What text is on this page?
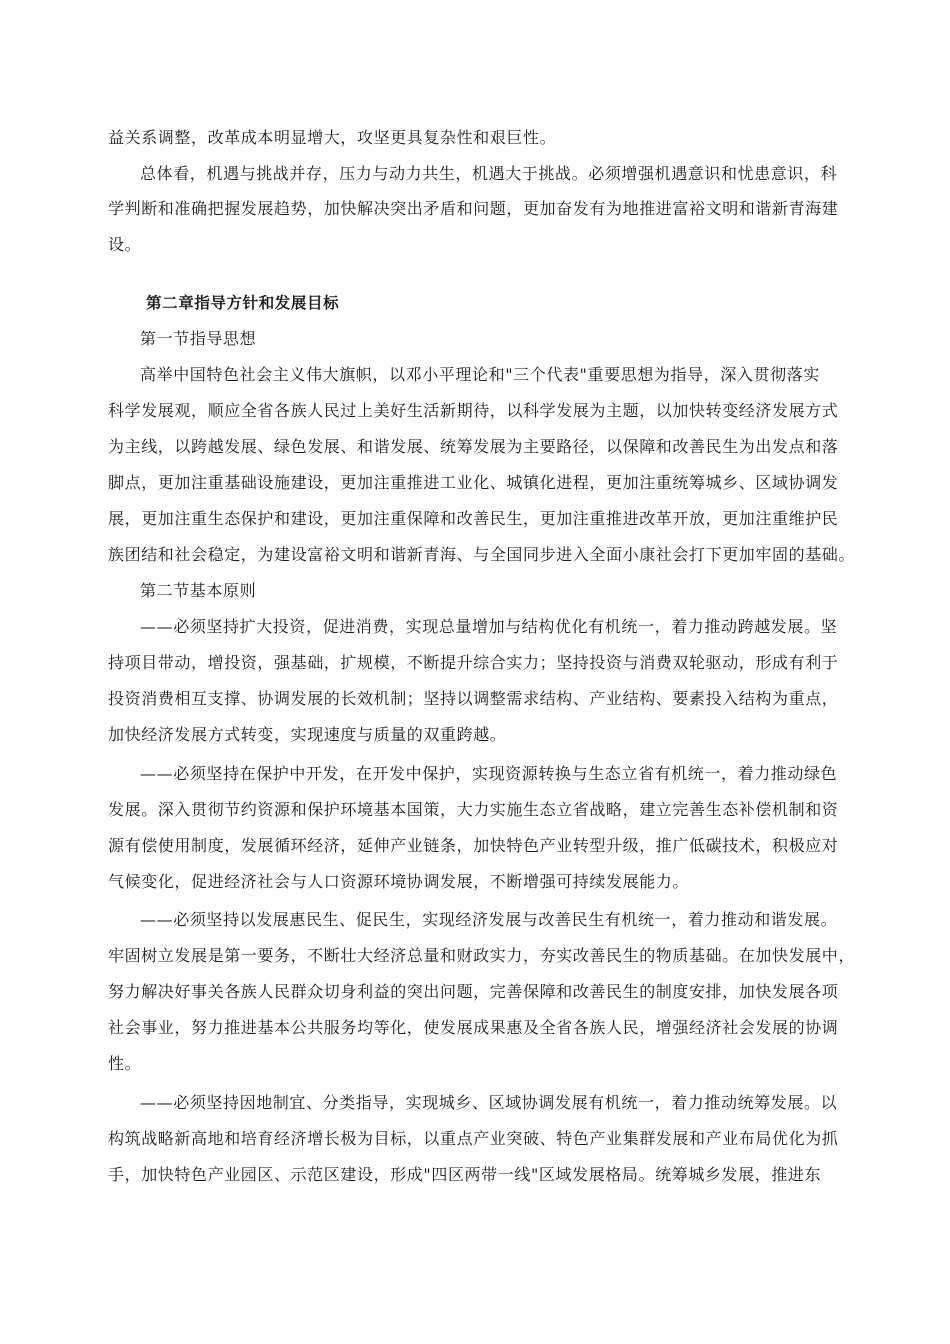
益关系调整，改革成本明显增大，攻坚更具复杂性和艰巨性。
总体看，机遇与挑战并存，压力与动力共生，机遇大于挑战。必须增强机遇意识和忧患意识，科
学判断和准确把握发展趋势，加快解决突出矛盾和问题，更加奋发有为地推进富裕文明和谐新青海建
设。
第二章指导方针和发展目标
第一节指导思想
高举中国特色社会主义伟大旗帜，以邓小平理论和"三个代表"重要思想为指导，深入贯彻落实
科学发展观，顺应全省各族人民过上美好生活新期待，以科学发展为主题，以加快转变经济发展方式
为主线，以跨越发展、绿色发展、和谐发展、统筹发展为主要路径，以保障和改善民生为出发点和落
脚点，更加注重基础设施建设，更加注重推进工业化、城镇化进程，更加注重统筹城乡、区域协调发
展，更加注重生态保护和建设，更加注重保障和改善民生，更加注重推进改革开放，更加注重维护民
族团结和社会稳定，为建设富裕文明和谐新青海、与全国同步进入全面小康社会打下更加牢固的基础。
第二节基本原则
——必须坚持扩大投资，促进消费，实现总量增加与结构优化有机统一，着力推动跨越发展。坚
持项目带动，增投资，强基础，扩规模，不断提升综合实力；坚持投资与消费双轮驱动，形成有利于
投资消费相互支撑、协调发展的长效机制；坚持以调整需求结构、产业结构、要素投入结构为重点，
加快经济发展方式转变，实现速度与质量的双重跨越。
——必须坚持在保护中开发，在开发中保护，实现资源转换与生态立省有机统一，着力推动绿色
发展。深入贯彻节约资源和保护环境基本国策，大力实施生态立省战略，建立完善生态补偿机制和资
源有偿使用制度，发展循环经济，延伸产业链条，加快特色产业转型升级，推广低碳技术，积极应对
气候变化，促进经济社会与人口资源环境协调发展，不断增强可持续发展能力。
——必须坚持以发展惠民生、促民生，实现经济发展与改善民生有机统一，着力推动和谐发展。
牢固树立发展是第一要务，不断壮大经济总量和财政实力，夯实改善民生的物质基础。在加快发展中，
努力解决好事关各族人民群众切身利益的突出问题，完善保障和改善民生的制度安排，加快发展各项
社会事业，努力推进基本公共服务均等化，使发展成果惠及全省各族人民，增强经济社会发展的协调
性。
——必须坚持因地制宜、分类指导，实现城乡、区域协调发展有机统一，着力推动统筹发展。以
构筑战略新高地和培育经济增长极为目标，以重点产业突破、特色产业集群发展和产业布局优化为抓
手，加快特色产业园区、示范区建设，形成"四区两带一线"区域发展格局。统筹城乡发展，推进东
